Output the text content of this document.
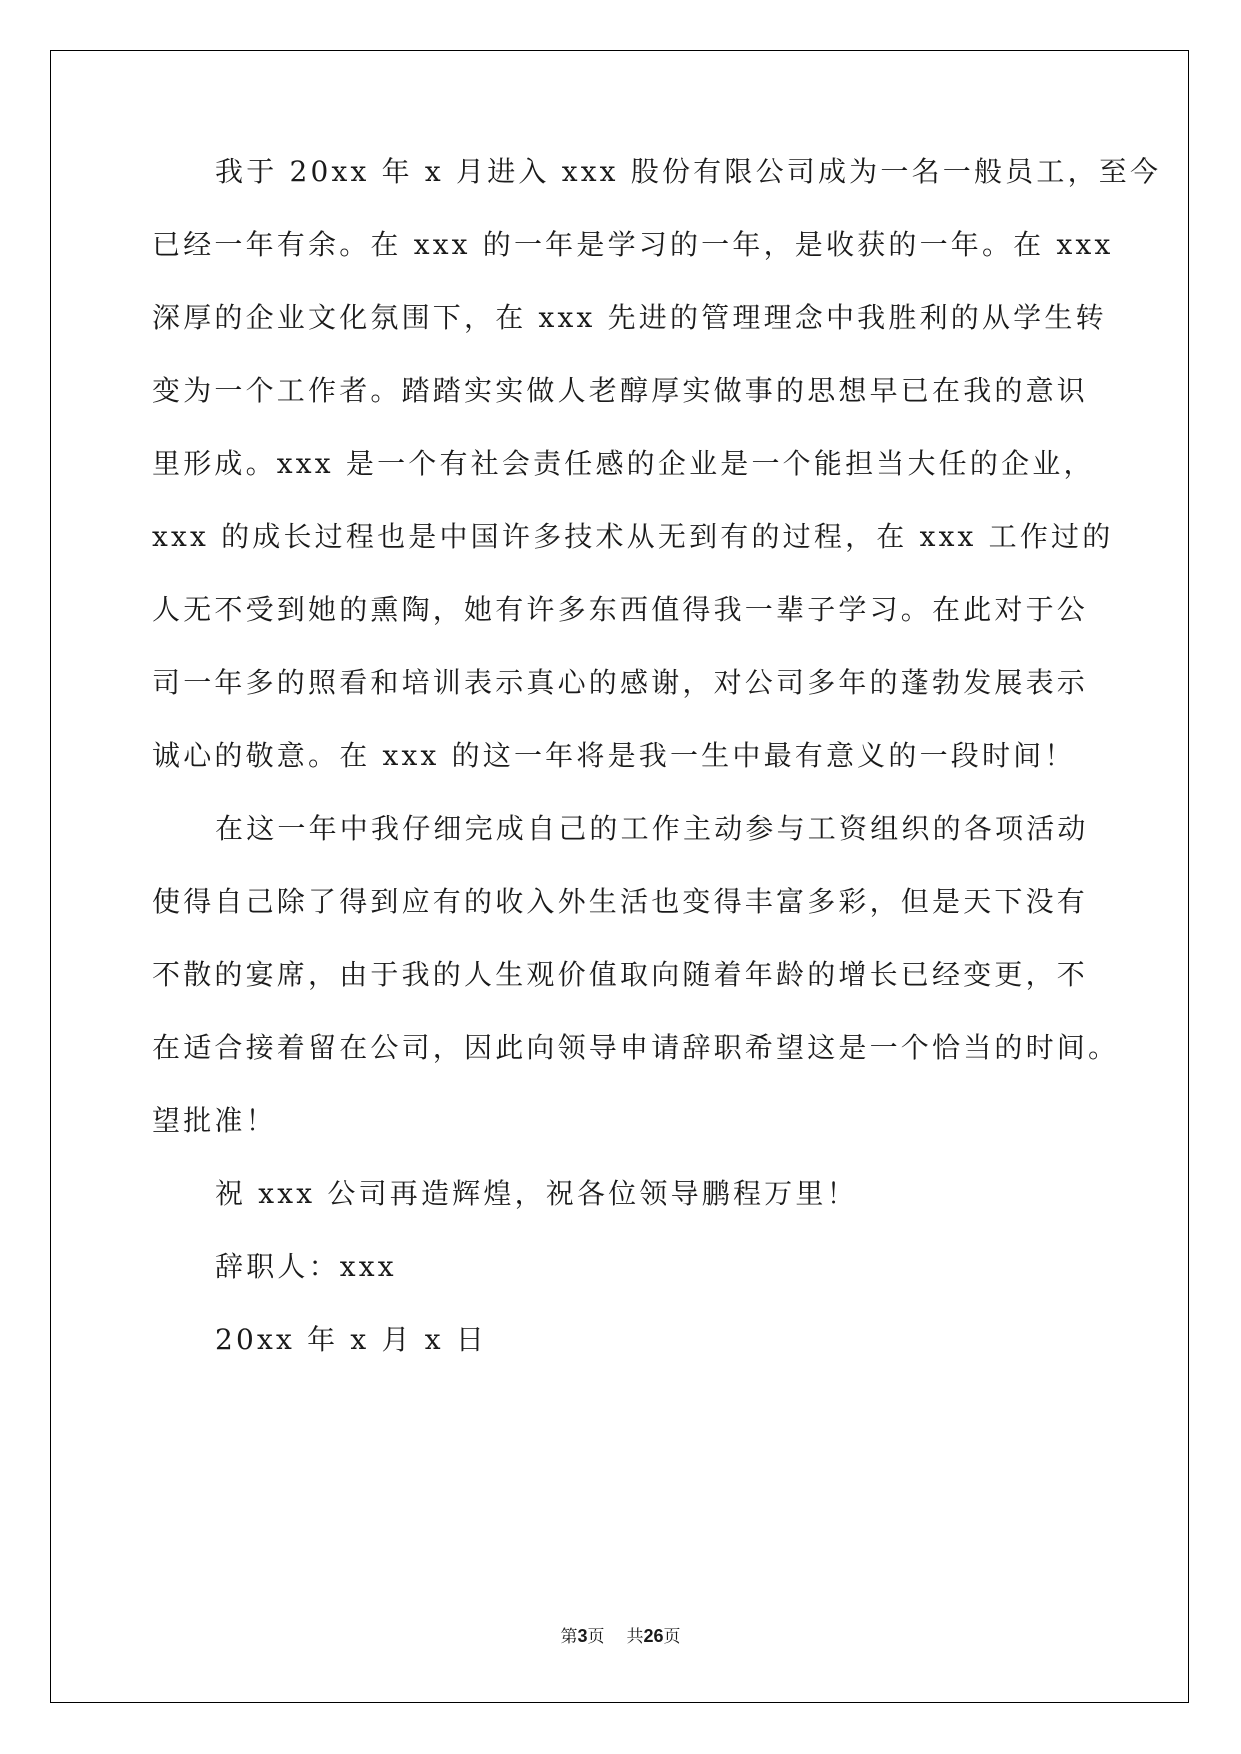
我于 20xx 年 x 月进入 xxx 股份有限公司成为一名一般员工，至今
已经一年有余。在 xxx 的一年是学习的一年，是收获的一年。在 xxx
深厚的企业文化氛围下，在 xxx 先进的管理理念中我胜利的从学生转
变为一个工作者。踏踏实实做人老醇厚实做事的思想早已在我的意识
里形成。xxx 是一个有社会责任感的企业是一个能担当大任的企业，
xxx 的成长过程也是中国许多技术从无到有的过程，在 xxx 工作过的
人无不受到她的熏陶，她有许多东西值得我一辈子学习。在此对于公
司一年多的照看和培训表示真心的感谢，对公司多年的蓬勃发展表示
诚心的敬意。在 xxx 的这一年将是我一生中最有意义的一段时间！
在这一年中我仔细完成自己的工作主动参与工资组织的各项活动
使得自己除了得到应有的收入外生活也变得丰富多彩，但是天下没有
不散的宴席，由于我的人生观价值取向随着年龄的增长已经变更，不
在适合接着留在公司，因此向领导申请辞职希望这是一个恰当的时间。
望批准！
祝 xxx 公司再造辉煌，祝各位领导鹏程万里！
辞职人：xxx
20xx 年 x 月 x 日
第3页 共26页
